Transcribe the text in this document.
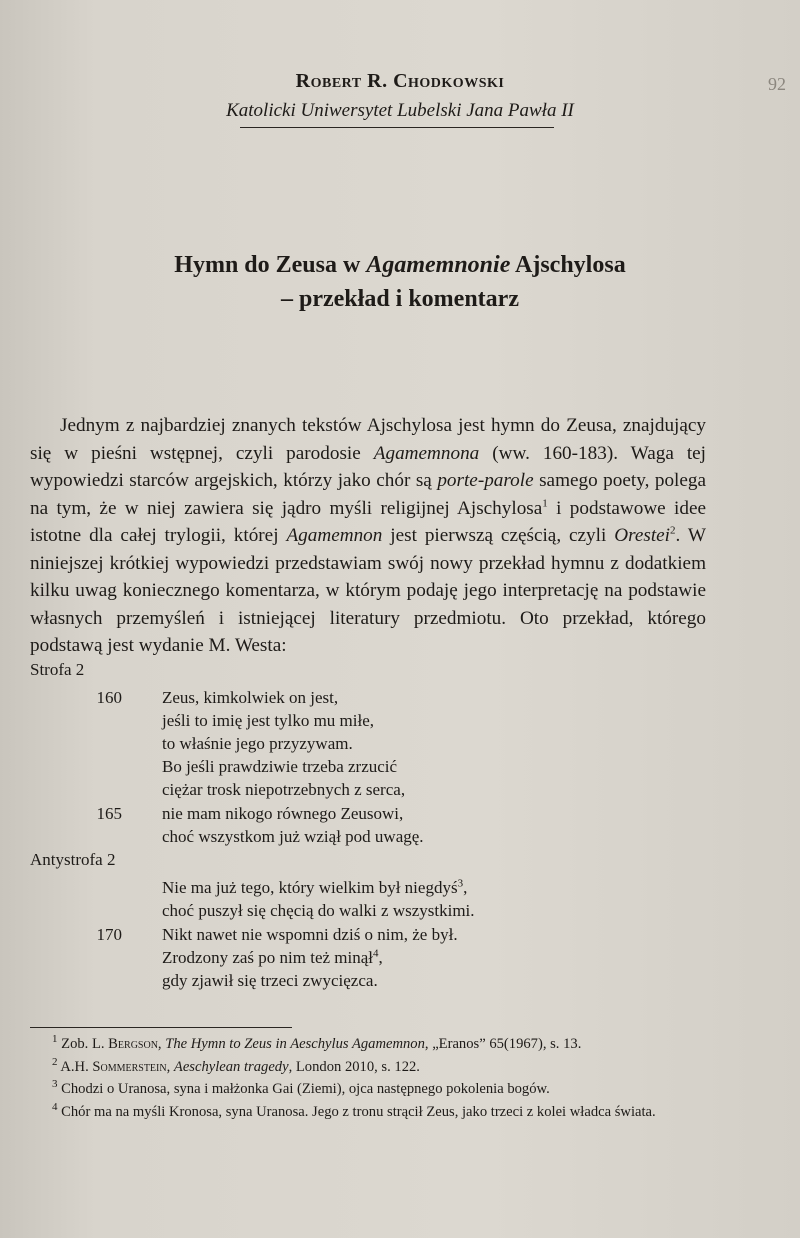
92
Robert R. Chodkowski
Katolicki Uniwersytet Lubelski Jana Pawła II
Hymn do Zeusa w Agamemnonie Ajschylosa
– przekład i komentarz

Jednym z najbardziej znanych tekstów Ajschylosa jest hymn do Zeusa, znajdujący się w pieśni wstępnej, czyli parodosie Agamemnona (ww. 160-183). Waga tej wypowiedzi starców argejskich, którzy jako chór są porte-parole samego poety, polega na tym, że w niej zawiera się jądro myśli religijnej Ajschylosa$^1$ i podstawowe idee istotne dla całej trylogii, której Agamemnon jest pierwszą częścią, czyli Orestei$^2$. W niniejszej krótkiej wypowiedzi przedstawiam swój nowy przekład hymnu z dodatkiem kilku uwag koniecznego komentarza, w którym podaję jego interpretację na podstawie własnych przemyśleń i istniejącej literatury przedmiotu. Oto przekład, którego podstawą jest wydanie M. Westa:

Strofa 2
160 Zeus, kimkolwiek on jest,
jeśli to imię jest tylko mu miłe,
to właśnie jego przyzywam.
Bo jeśli prawdziwie trzeba zrzucić
ciężar trosk niepotrzebnych z serca,
165 nie mam nikogo równego Zeusowi,
choć wszystkom już wziął pod uwagę.
Antystrofa 2
Nie ma już tego, który wielkim był niegdyś$^3$,
choć puszył się chęcią do walki z wszystkimi.
170 Nikt nawet nie wspomni dziś o nim, że był.
Zrodzony zaś po nim też minął$^4$,
gdy zjawił się trzeci zwycięzca.

$^1$ Zob. L. Bergson, The Hymn to Zeus in Aeschylus Agamemnon, „Eranos” 65(1967), s. 13.

$^2$ A.H. Sommerstein, Aeschylean tragedy, London 2010, s. 122.

$^3$ Chodzi o Uranosa, syna i małżonka Gai (Ziemi), ojca następnego pokolenia bogów.

$^4$ Chór ma na myśli Kronosa, syna Uranosa. Jego z tronu strącił Zeus, jako trzeci z kolei władca świata.
